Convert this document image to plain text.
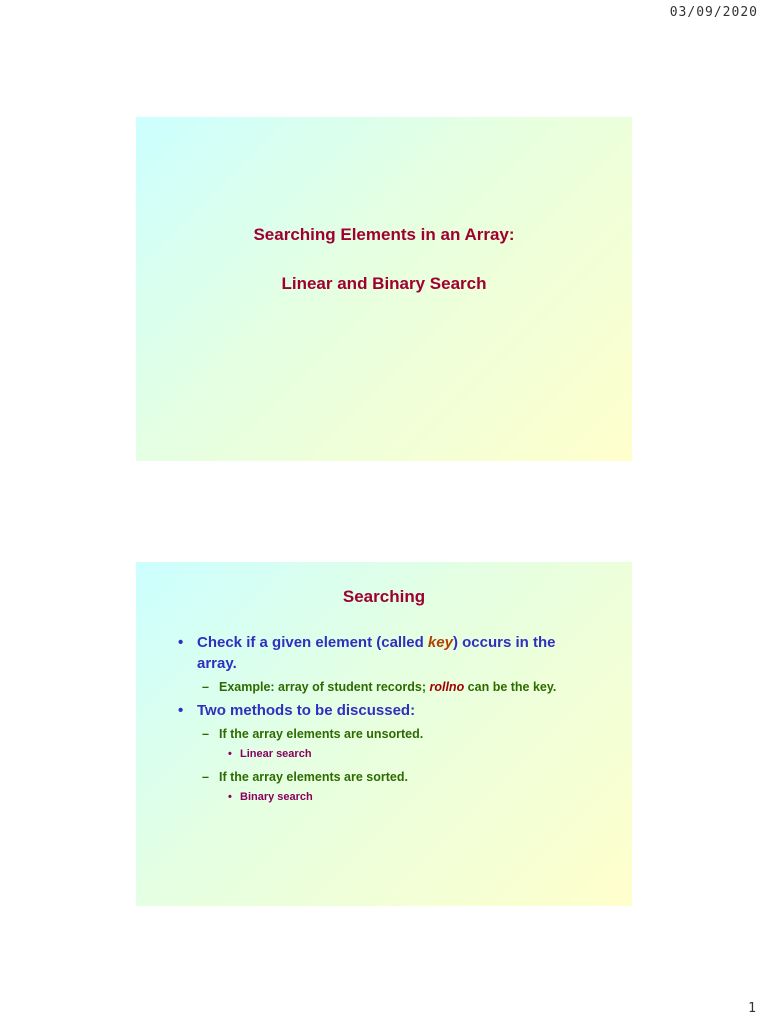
03/09/2020
Searching Elements in an Array:
Linear and Binary Search
Searching
• Check if a given element (called key) occurs in the array.
– Example: array of student records; rollno can be the key.
• Two methods to be discussed:
– If the array elements are unsorted.
• Linear search
– If the array elements are sorted.
• Binary search
1
